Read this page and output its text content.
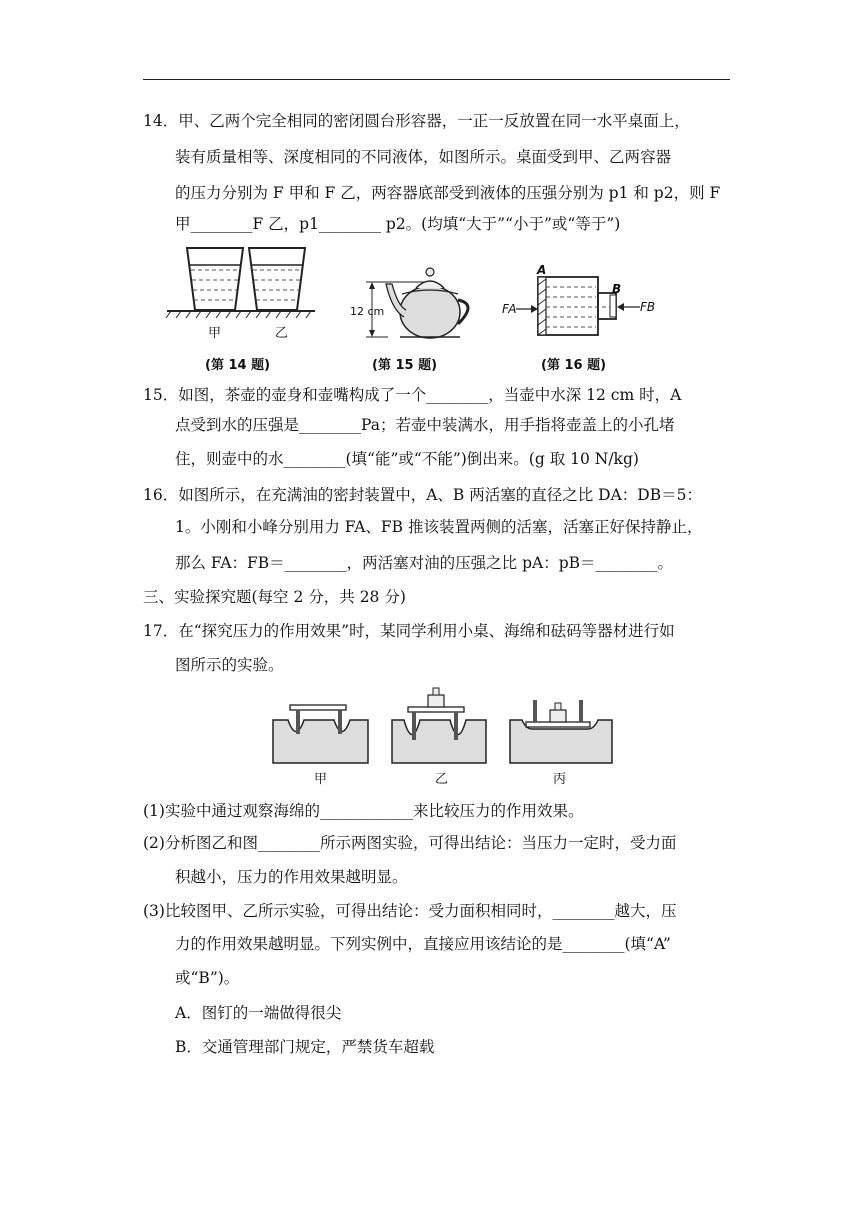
14．甲、乙两个完全相同的密闭圆台形容器，一正一反放置在同一水平桌面上，
装有质量相等、深度相同的不同液体，如图所示。桌面受到甲、乙两容器
的压力分别为 F 甲和 F 乙，两容器底部受到液体的压强分别为 p1 和 p2，则 F
甲________F 乙，p1________ p2。(均填“大于”“小于”或“等于”)
甲	乙
(第 14 题)
12 cm
(第 15 题)
A
B
FA	FB
(第 16 题)
15．如图，茶壶的壶身和壶嘴构成了一个________，当壶中水深 12 cm 时，A
点受到水的压强是________Pa；若壶中装满水，用手指将壶盖上的小孔堵
住，则壶中的水________(填“能”或“不能”)倒出来。(g 取 10 N/kg)
16．如图所示，在充满油的密封装置中，A、B 两活塞的直径之比 DA：DB＝5：
1。小刚和小峰分别用力 FA、FB 推该装置两侧的活塞，活塞正好保持静止，
那么 FA：FB＝________，两活塞对油的压强之比 pA：pB＝________。
三、实验探究题(每空 2 分，共 28 分)
17．在“探究压力的作用效果”时，某同学利用小桌、海绵和砝码等器材进行如
图所示的实验。
甲	乙	丙
(1)实验中通过观察海绵的____________来比较压力的作用效果。
(2)分析图乙和图________所示两图实验，可得出结论：当压力一定时，受力面
积越小，压力的作用效果越明显。
(3)比较图甲、乙所示实验，可得出结论：受力面积相同时，________越大，压
力的作用效果越明显。下列实例中，直接应用该结论的是________(填“A”
或“B”)。
A．图钉的一端做得很尖
B．交通管理部门规定，严禁货车超载
